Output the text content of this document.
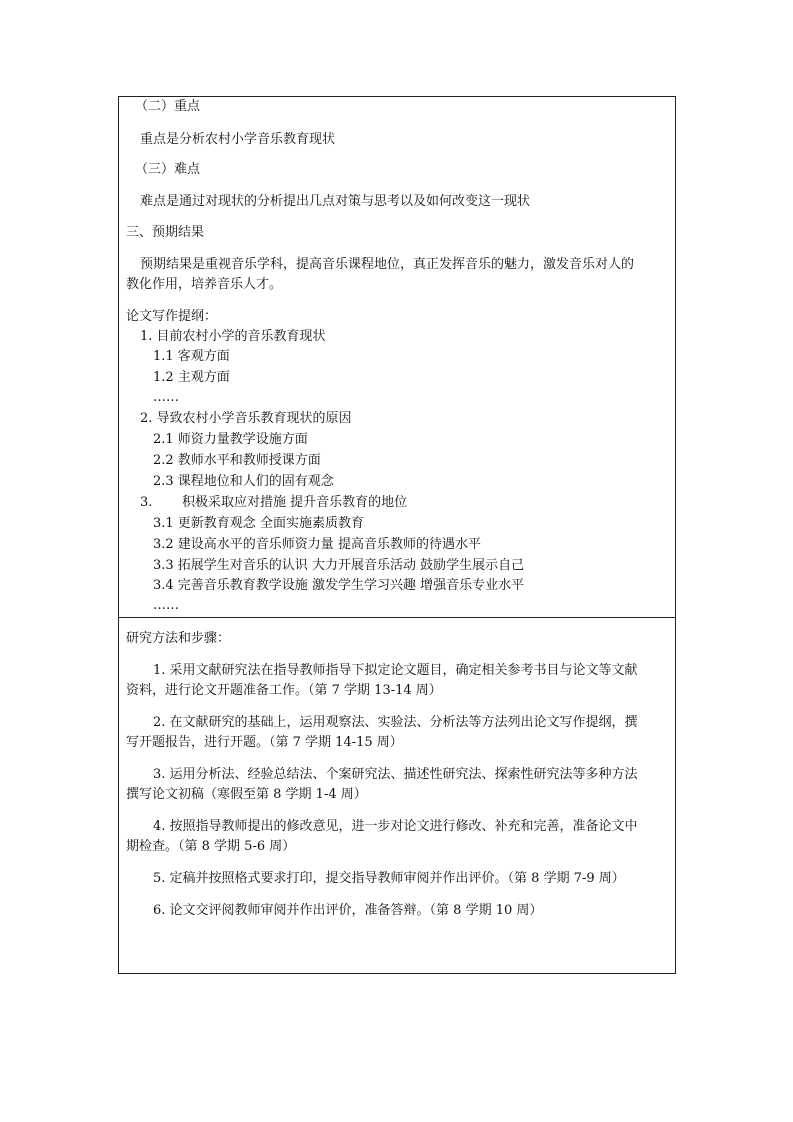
（二）重点
重点是分析农村小学音乐教育现状
（三）难点
难点是通过对现状的分析提出几点对策与思考以及如何改变这一现状
三、预期结果
预期结果是重视音乐学科，提高音乐课程地位，真正发挥音乐的魅力，激发音乐对人的
教化作用，培养音乐人才。
论文写作提纲：
1. 目前农村小学的音乐教育现状
1.1 客观方面
1.2 主观方面
……
2. 导致农村小学音乐教育现状的原因
2.1 师资力量教学设施方面
2.2 教师水平和教师授课方面
2.3 课程地位和人们的固有观念
3. 积极采取应对措施 提升音乐教育的地位
3.1 更新教育观念 全面实施素质教育
3.2 建设高水平的音乐师资力量 提高音乐教师的待遇水平
3.3 拓展学生对音乐的认识 大力开展音乐活动 鼓励学生展示自己
3.4 完善音乐教育教学设施 激发学生学习兴趣 增强音乐专业水平
……
研究方法和步骤：
1. 采用文献研究法在指导教师指导下拟定论文题目，确定相关参考书目与论文等文献
资料，进行论文开题准备工作。（第 7 学期 13-14 周）
2. 在文献研究的基础上，运用观察法、实验法、分析法等方法列出论文写作提纲，撰
写开题报告，进行开题。（第 7 学期 14-15 周）
3. 运用分析法、经验总结法、个案研究法、描述性研究法、探索性研究法等多种方法
撰写论文初稿（寒假至第 8 学期 1-4 周）
4. 按照指导教师提出的修改意见，进一步对论文进行修改、补充和完善，准备论文中
期检查。（第 8 学期 5-6 周）
5. 定稿并按照格式要求打印，提交指导教师审阅并作出评价。（第 8 学期 7-9 周）
6. 论文交评阅教师审阅并作出评价，准备答辩。（第 8 学期 10 周）
